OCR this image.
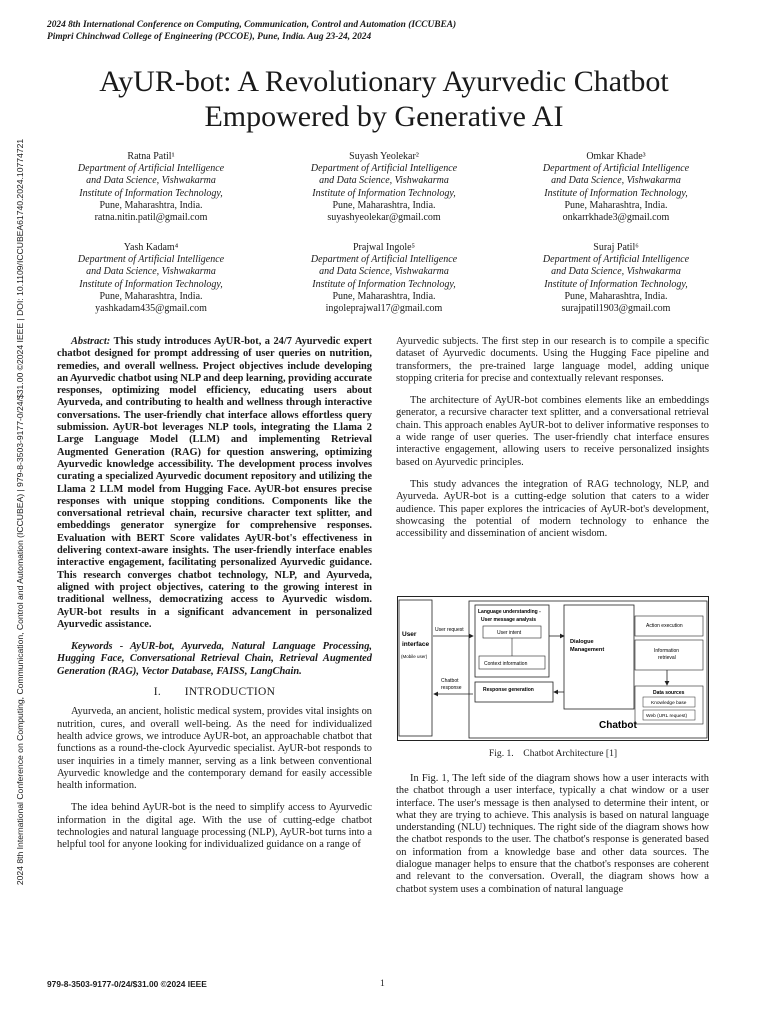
2024 8th International Conference on Computing, Communication, Control and Automation (ICCUBEA)
Pimpri Chinchwad College of Engineering (PCCOE), Pune, India. Aug 23-24, 2024
2024 8th International Conference on Computing, Communication, Control and Automation (ICCUBEA) | 979-8-3503-9177-0/24/$31.00 ©2024 IEEE | DOI: 10.1109/ICCUBEA61740.2024.10774721
AyUR-bot: A Revolutionary Ayurvedic Chatbot
Empowered by Generative AI
Ratna Patil¹
Department of Artificial Intelligence
and Data Science, Vishwakarma
Institute of Information Technology,
Pune, Maharashtra, India.
ratna.nitin.patil@gmail.com
Suyash Yeolekar²
Department of Artificial Intelligence
and Data Science, Vishwakarma
Institute of Information Technology,
Pune, Maharashtra, India.
suyashyeolekar@gmail.com
Omkar Khade³
Department of Artificial Intelligence
and Data Science, Vishwakarma
Institute of Information Technology,
Pune, Maharashtra, India.
onkarrkhade3@gmail.com
Yash Kadam⁴
Department of Artificial Intelligence
and Data Science, Vishwakarma
Institute of Information Technology,
Pune, Maharashtra, India.
yashkadam435@gmail.com
Prajwal Ingole⁵
Department of Artificial Intelligence
and Data Science, Vishwakarma
Institute of Information Technology,
Pune, Maharashtra, India.
ingoleprajwal17@gmail.com
Suraj Patil⁶
Department of Artificial Intelligence
and Data Science, Vishwakarma
Institute of Information Technology,
Pune, Maharashtra, India.
surajpatil1903@gmail.com

Abstract: This study introduces AyUR-bot, a 24/7 Ayurvedic expert chatbot designed for prompt addressing of user queries on nutrition, remedies, and overall wellness. Project objectives include developing an Ayurvedic chatbot using NLP and deep learning, providing accurate responses, optimizing model efficiency, educating users about Ayurveda, and contributing to health and wellness through interactive conversations. The user-friendly chat interface allows effortless query submission. AyUR-bot leverages NLP tools, integrating the Llama 2 Large Language Model (LLM) and implementing Retrieval Augmented Generation (RAG) for question answering, optimizing Ayurvedic knowledge accessibility. The development process involves curating a specialized Ayurvedic document repository and utilizing the Llama 2 LLM model from Hugging Face. AyUR-bot ensures precise responses with unique stopping conditions. Components like the conversational retrieval chain, recursive character text splitter, and embeddings generator synergize for comprehensive responses. Evaluation with BERT Score validates AyUR-bot's effectiveness in delivering context-aware insights. The user-friendly interface enables interactive engagement, facilitating personalized Ayurvedic guidance. This research converges chatbot technology, NLP, and Ayurveda, aligned with project objectives, catering to the growing interest in traditional wellness, democratizing access to Ayurvedic wisdom. AyUR-bot results in a significant advancement in personalized Ayurvedic assistance.

Keywords - AyUR-bot, Ayurveda, Natural Language Processing, Hugging Face, Conversational Retrieval Chain, Retrieval Augmented Generation (RAG), Vector Database, FAISS, LangChain.

I.  INTRODUCTION

Ayurveda, an ancient, holistic medical system, provides vital insights on nutrition, cures, and overall well-being. As the need for individualized health advice grows, we introduce AyUR-bot, an approachable chatbot that functions as a round-the-clock Ayurvedic specialist. AyUR-bot responds to user inquiries in a timely manner, serving as a link between conventional Ayurvedic knowledge and the contemporary demand for easily accessible health information.

The idea behind AyUR-bot is the need to simplify access to Ayurvedic information in the digital age. With the use of cutting-edge chatbot technologies and natural language processing (NLP), AyUR-bot turns into a helpful tool for anyone looking for individualized guidance on a range of

Ayurvedic subjects. The first step in our research is to compile a specific dataset of Ayurvedic documents. Using the Hugging Face pipeline and transformers, the pre-trained large language model, adding unique stopping criteria for precise and contextually relevant responses.

The architecture of AyUR-bot combines elements like an embeddings generator, a recursive character text splitter, and a conversational retrieval chain. This approach enables AyUR-bot to deliver informative responses to a wide range of user queries. The user-friendly chat interface ensures interactive engagement, allowing users to receive personalized insights based on Ayurvedic principles.

This study advances the integration of RAG technology, NLP, and Ayurveda. AyUR-bot is a cutting-edge solution that caters to a wider audience. This paper explores the intricacies of AyUR-bot's development, showcasing the potential of modern technology to enhance the accessibility and dissemination of ancient wisdom.

User
interface
(Mobile user)
User request
Chatbot
response
Language understanding -
User message analysis
User intent
Context information
Response generation
Dialogue
Management
Action execution
Information
retrieval
Data sources
Knowledge base
Web (URL request)
Chatbot
Fig. 1. Chatbot Architecture [1]

In Fig. 1, The left side of the diagram shows how a user interacts with the chatbot through a user interface, typically a chat window or a user interface. The user's message is then analysed to determine their intent, or what they are trying to achieve. This analysis is based on natural language understanding (NLU) techniques. The right side of the diagram shows how the chatbot responds to the user. The chatbot's response is generated based on information from a knowledge base and other data sources. The dialogue manager helps to ensure that the chatbot's responses are coherent and relevant to the conversation. Overall, the diagram shows how a chatbot system uses a combination of natural language

979-8-3503-9177-0/24/$31.00 ©2024 IEEE	1
